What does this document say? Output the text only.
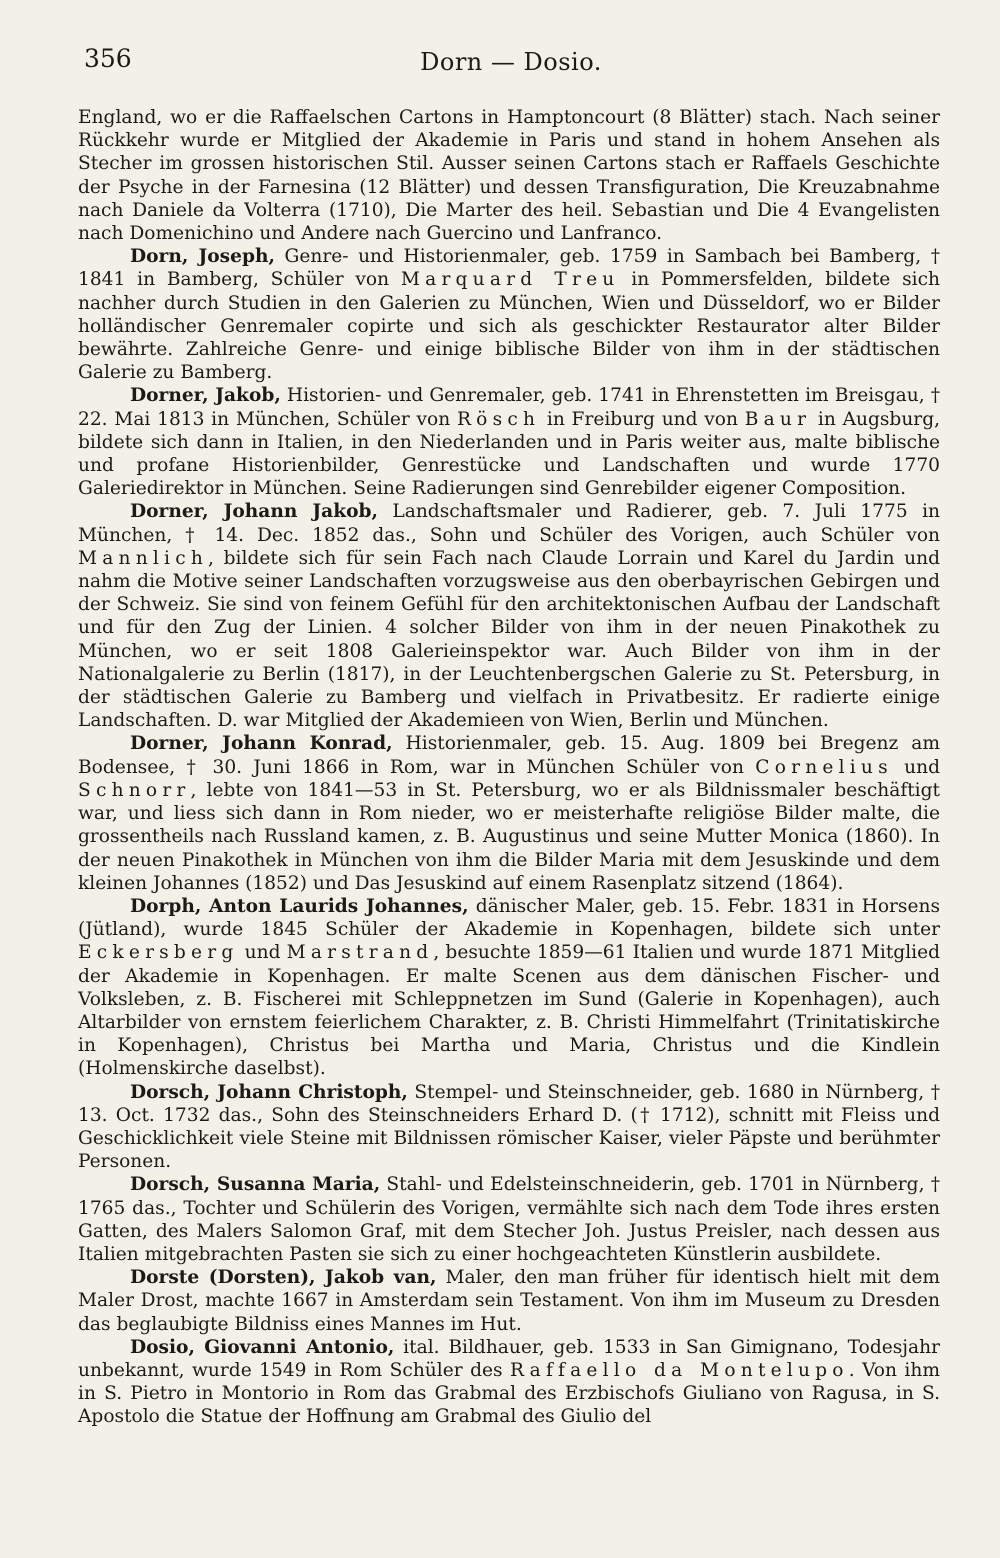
356	Dorn — Dosio.

England, wo er die Raffaelschen Cartons in Hamptoncourt (8 Blätter) stach. Nach seiner Rückkehr wurde er Mitglied der Akademie in Paris und stand in hohem Ansehen als Stecher im grossen historischen Stil. Ausser seinen Cartons stach er Raffaels Geschichte der Psyche in der Farnesina (12 Blätter) und dessen Transfiguration, Die Kreuzabnahme nach Daniele da Volterra (1710), Die Marter des heil. Sebastian und Die 4 Evangelisten nach Domenichino und Andere nach Guercino und Lanfranco.

Dorn, Joseph, Genre- und Historienmaler, geb. 1759 in Sambach bei Bamberg, † 1841 in Bamberg, Schüler von Marquard Treu in Pommersfelden, bildete sich nachher durch Studien in den Galerien zu München, Wien und Düsseldorf, wo er Bilder holländischer Genremaler copirte und sich als geschickter Restaurator alter Bilder bewährte. Zahlreiche Genre- und einige biblische Bilder von ihm in der städtischen Galerie zu Bamberg.

Dorner, Jakob, Historien- und Genremaler, geb. 1741 in Ehrenstetten im Breisgau, † 22. Mai 1813 in München, Schüler von Rösch in Freiburg und von Baur in Augsburg, bildete sich dann in Italien, in den Niederlanden und in Paris weiter aus, malte biblische und profane Historienbilder, Genrestücke und Landschaften und wurde 1770 Galeriedirektor in München. Seine Radierungen sind Genrebilder eigener Composition.

Dorner, Johann Jakob, Landschaftsmaler und Radierer, geb. 7. Juli 1775 in München, † 14. Dec. 1852 das., Sohn und Schüler des Vorigen, auch Schüler von Mannlich, bildete sich für sein Fach nach Claude Lorrain und Karel du Jardin und nahm die Motive seiner Landschaften vorzugsweise aus den oberbayrischen Gebirgen und der Schweiz. Sie sind von feinem Gefühl für den architektonischen Aufbau der Landschaft und für den Zug der Linien. 4 solcher Bilder von ihm in der neuen Pinakothek zu München, wo er seit 1808 Galerieinspektor war. Auch Bilder von ihm in der Nationalgalerie zu Berlin (1817), in der Leuchtenbergschen Galerie zu St. Petersburg, in der städtischen Galerie zu Bamberg und vielfach in Privatbesitz. Er radierte einige Landschaften. D. war Mitglied der Akademieen von Wien, Berlin und München.

Dorner, Johann Konrad, Historienmaler, geb. 15. Aug. 1809 bei Bregenz am Bodensee, † 30. Juni 1866 in Rom, war in München Schüler von Cornelius und Schnorr, lebte von 1841—53 in St. Petersburg, wo er als Bildnissmaler beschäftigt war, und liess sich dann in Rom nieder, wo er meisterhafte religiöse Bilder malte, die grossentheils nach Russland kamen, z. B. Augustinus und seine Mutter Monica (1860). In der neuen Pinakothek in München von ihm die Bilder Maria mit dem Jesuskinde und dem kleinen Johannes (1852) und Das Jesuskind auf einem Rasenplatz sitzend (1864).

Dorph, Anton Laurids Johannes, dänischer Maler, geb. 15. Febr. 1831 in Horsens (Jütland), wurde 1845 Schüler der Akademie in Kopenhagen, bildete sich unter Eckersberg und Marstrand, besuchte 1859—61 Italien und wurde 1871 Mitglied der Akademie in Kopenhagen. Er malte Scenen aus dem dänischen Fischer- und Volksleben, z. B. Fischerei mit Schleppnetzen im Sund (Galerie in Kopenhagen), auch Altarbilder von ernstem feierlichem Charakter, z. B. Christi Himmelfahrt (Trinitatiskirche in Kopenhagen), Christus bei Martha und Maria, Christus und die Kindlein (Holmenskirche daselbst).

Dorsch, Johann Christoph, Stempel- und Steinschneider, geb. 1680 in Nürnberg, † 13. Oct. 1732 das., Sohn des Steinschneiders Erhard D. († 1712), schnitt mit Fleiss und Geschicklichkeit viele Steine mit Bildnissen römischer Kaiser, vieler Päpste und berühmter Personen.

Dorsch, Susanna Maria, Stahl- und Edelsteinschneiderin, geb. 1701 in Nürnberg, † 1765 das., Tochter und Schülerin des Vorigen, vermählte sich nach dem Tode ihres ersten Gatten, des Malers Salomon Graf, mit dem Stecher Joh. Justus Preisler, nach dessen aus Italien mitgebrachten Pasten sie sich zu einer hochgeachteten Künstlerin ausbildete.

Dorste (Dorsten), Jakob van, Maler, den man früher für identisch hielt mit dem Maler Drost, machte 1667 in Amsterdam sein Testament. Von ihm im Museum zu Dresden das beglaubigte Bildniss eines Mannes im Hut.

Dosio, Giovanni Antonio, ital. Bildhauer, geb. 1533 in San Gimignano, Todesjahr unbekannt, wurde 1549 in Rom Schüler des Raffaello da Montelupo. Von ihm in S. Pietro in Montorio in Rom das Grabmal des Erzbischofs Giuliano von Ragusa, in S. Apostolo die Statue der Hoffnung am Grabmal des Giulio del
